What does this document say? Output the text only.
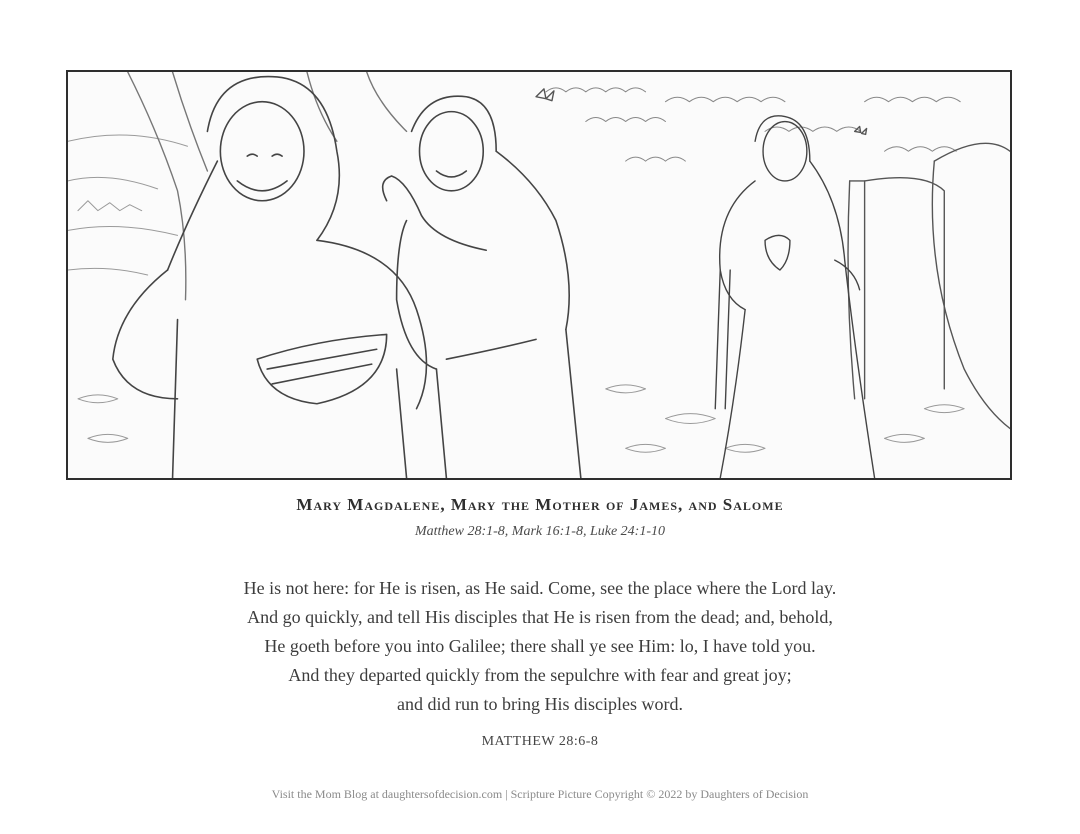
Mary Magdalene, Mary the Mother of James, and Salome
Matthew 28:1-8, Mark 16:1-8, Luke 24:1-10
He is not here: for He is risen, as He said. Come, see the place where the Lord lay.
And go quickly, and tell His disciples that He is risen from the dead; and, behold,
He goeth before you into Galilee; there shall ye see Him: lo, I have told you.
And they departed quickly from the sepulchre with fear and great joy;
and did run to bring His disciples word.
MATTHEW 28:6-8
Visit the Mom Blog at daughtersofdecision.com | Scripture Picture Copyright © 2022 by Daughters of Decision
